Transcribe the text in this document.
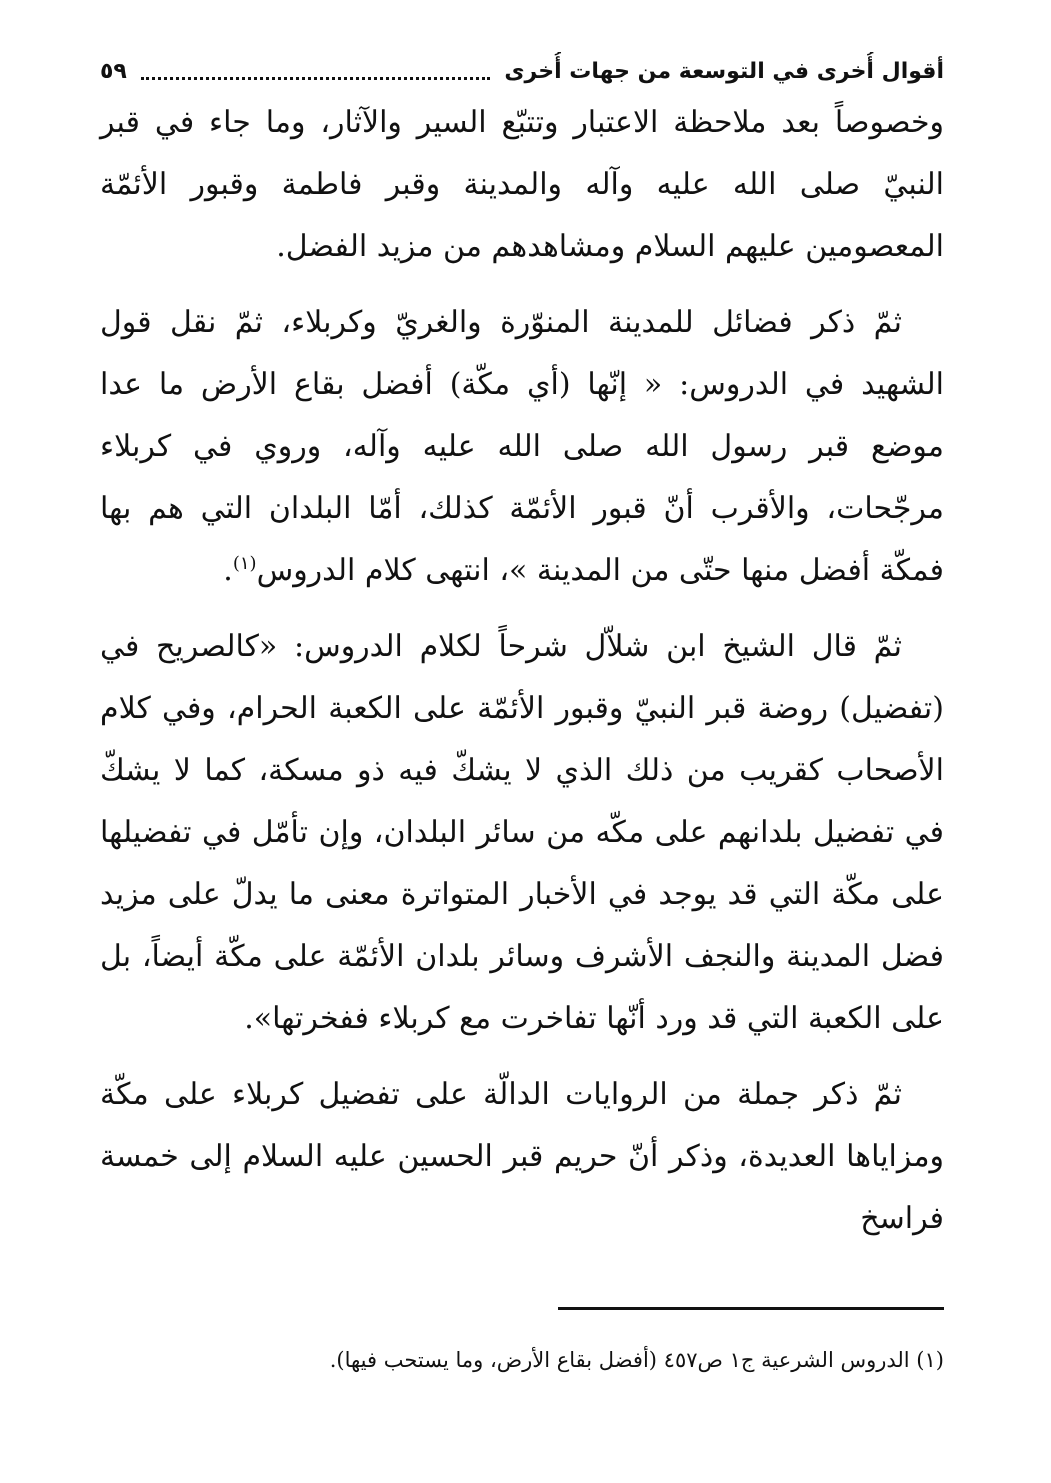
أقوال أُخرى في التوسعة من جهات أُخرى
٥٩

وخصوصاً بعد ملاحظة الاعتبار وتتبّع السير والآثار، وما جاء في قبر النبيّ صلى الله عليه وآله والمدينة وقبر فاطمة وقبور الأئمّة المعصومين عليهم السلام ومشاهدهم من مزيد الفضل.

ثمّ ذكر فضائل للمدينة المنوّرة والغريّ وكربلاء، ثمّ نقل قول الشهيد في الدروس: « إنّها (أي مكّة) أفضل بقاع الأرض ما عدا موضع قبر رسول الله صلى الله عليه وآله، وروي في كربلاء مرجّحات، والأقرب أنّ قبور الأئمّة كذلك، أمّا البلدان التي هم بها فمكّة أفضل منها حتّى من المدينة »، انتهى كلام الدروس$^{(١)}$.

ثمّ قال الشيخ ابن شلاّل شرحاً لكلام الدروس: «كالصريح في (تفضيل) روضة قبر النبيّ وقبور الأئمّة على الكعبة الحرام، وفي كلام الأصحاب كقريب من ذلك الذي لا يشكّ فيه ذو مسكة، كما لا يشكّ في تفضيل بلدانهم على مكّه من سائر البلدان، وإن تأمّل في تفضيلها على مكّة التي قد يوجد في الأخبار المتواترة معنى ما يدلّ على مزيد فضل المدينة والنجف الأشرف وسائر بلدان الأئمّة على مكّة أيضاً، بل على الكعبة التي قد ورد أنّها تفاخرت مع كربلاء ففخرتها».

ثمّ ذكر جملة من الروايات الدالّة على تفضيل كربلاء على مكّة ومزاياها العديدة، وذكر أنّ حريم قبر الحسين عليه السلام إلى خمسة فراسخ

(١) الدروس الشرعية ج١ ص٤٥٧ (أفضل بقاع الأرض، وما يستحب فيها).
